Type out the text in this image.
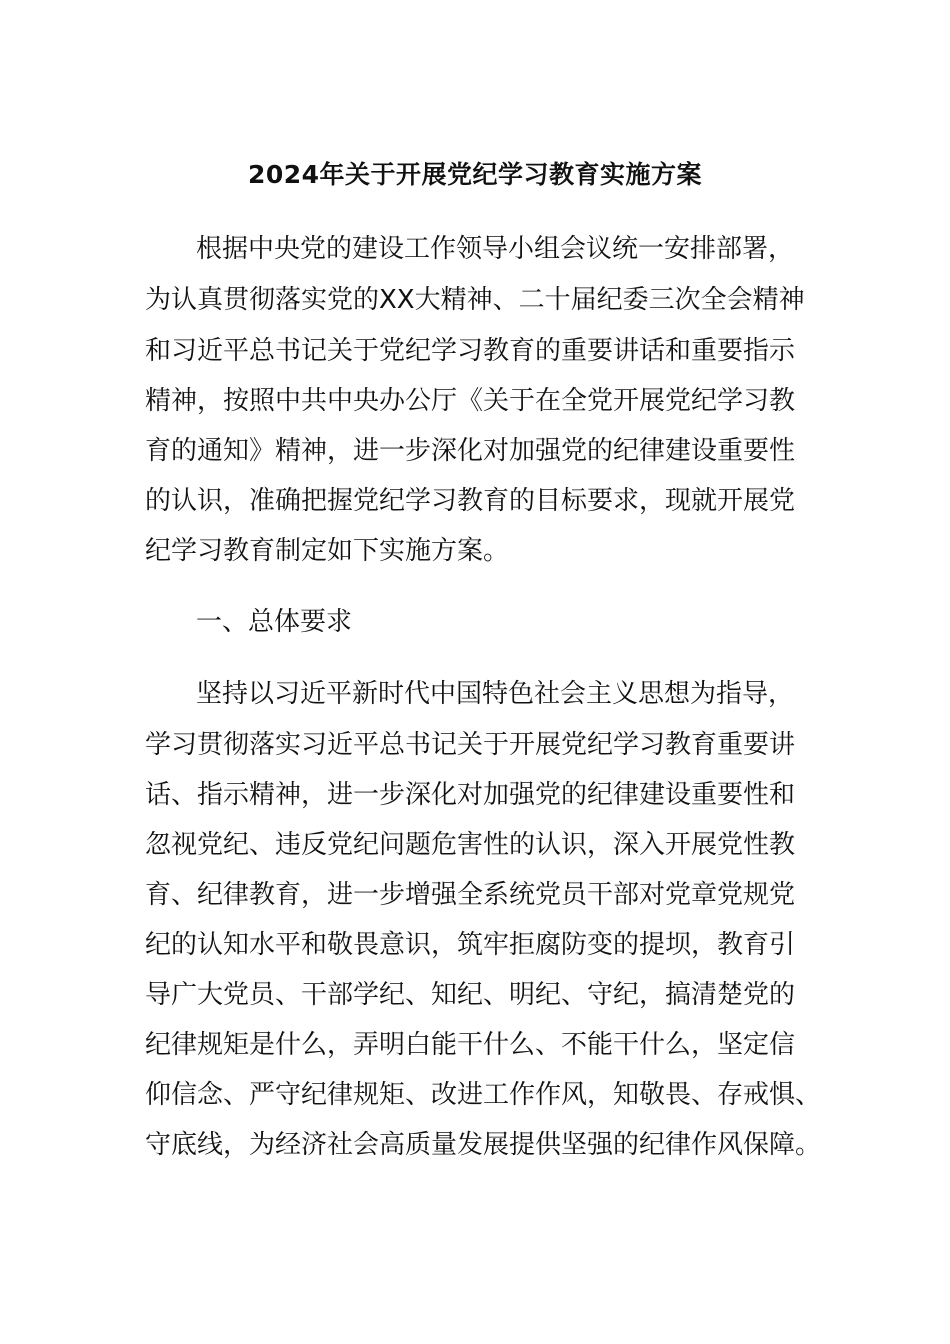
2024年关于开展党纪学习教育实施方案

根据中央党的建设工作领导小组会议统一安排部署，

为认真贯彻落实党的XX大精神、二十届纪委三次全会精神

和习近平总书记关于党纪学习教育的重要讲话和重要指示

精神，按照中共中央办公厅《关于在全党开展党纪学习教

育的通知》精神，进一步深化对加强党的纪律建设重要性

的认识，准确把握党纪学习教育的目标要求，现就开展党

纪学习教育制定如下实施方案。

一、总体要求

坚持以习近平新时代中国特色社会主义思想为指导，

学习贯彻落实习近平总书记关于开展党纪学习教育重要讲

话、指示精神，进一步深化对加强党的纪律建设重要性和

忽视党纪、违反党纪问题危害性的认识，深入开展党性教

育、纪律教育，进一步增强全系统党员干部对党章党规党

纪的认知水平和敬畏意识，筑牢拒腐防变的提坝，教育引

导广大党员、干部学纪、知纪、明纪、守纪，搞清楚党的

纪律规矩是什么，弄明白能干什么、不能干什么，坚定信

仰信念、严守纪律规矩、改进工作作风，知敬畏、存戒惧、

守底线，为经济社会高质量发展提供坚强的纪律作风保障。
